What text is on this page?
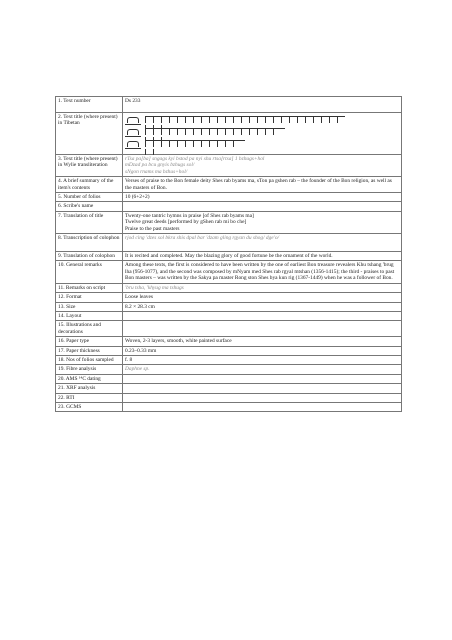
1. Text number	Ds 233
2. Text title (where present) in Tibetan	

3. Text title (where present) in Wylie transliteration	rTsa pa[ba] sngags kyi bstod pa nyi shu rtsa[rtsa] 1 bzhugs+hol
mDzad pa bcu gnyis bzhugs sol/
sNgon rnams ma bzhus+hol/
4. A brief summary of the item's contents	Verses of praise to the Bon female deity Shes rab byams ma, sTon pa gshen rab – the founder of the Bon religion, as well as the masters of Bon.
5. Number of folios	10 (6+2+2)
6. Scribe's name	
7. Translation of title	Twenty-one tantric hymns in praise [of Shes rab byams ma]
Twelve great deeds [performed by gShen rab mi bo che]
Praise to the past masters
8. Transcription of colophon	rjod cing 'dzes sol bkra shis dpal bar 'dzam gling rgyan du shog/ dge'o/
9. Translation of colophon	It is recited and completed. May the blazing glory of good fortune be the ornament of the world.
10. General remarks	Among these texts, the first is considered to have been written by the one of earliest Bon treasure revealers Khu tshang 'brug lha (956-1077), and the second was composed by mNyam med Shes rab rgyal mtshan (1356-1415); the third - praises to past Bon masters – was written by the Sakya pa master Rong ston Shes bya kun rig (1367-1449) when he was a follower of Bon.
11. Remarks on script	'bru tsha, 'khyug ma tshugs
12. Format	Loose leaves
13. Size	8.2 × 28.3 cm
14. Layout	
15. Illustrations and decorations	
16. Paper type	Woven, 2-3 layers, smooth, white painted surface
17. Paper thickness	0.23–0.33 mm
18. Nos of folios sampled	f. 8
19. Fibre analysis	Daphne sp.
20. AMS ¹⁴C dating	
21. XRF analysis	
22. RTI	
23. GCMS	
